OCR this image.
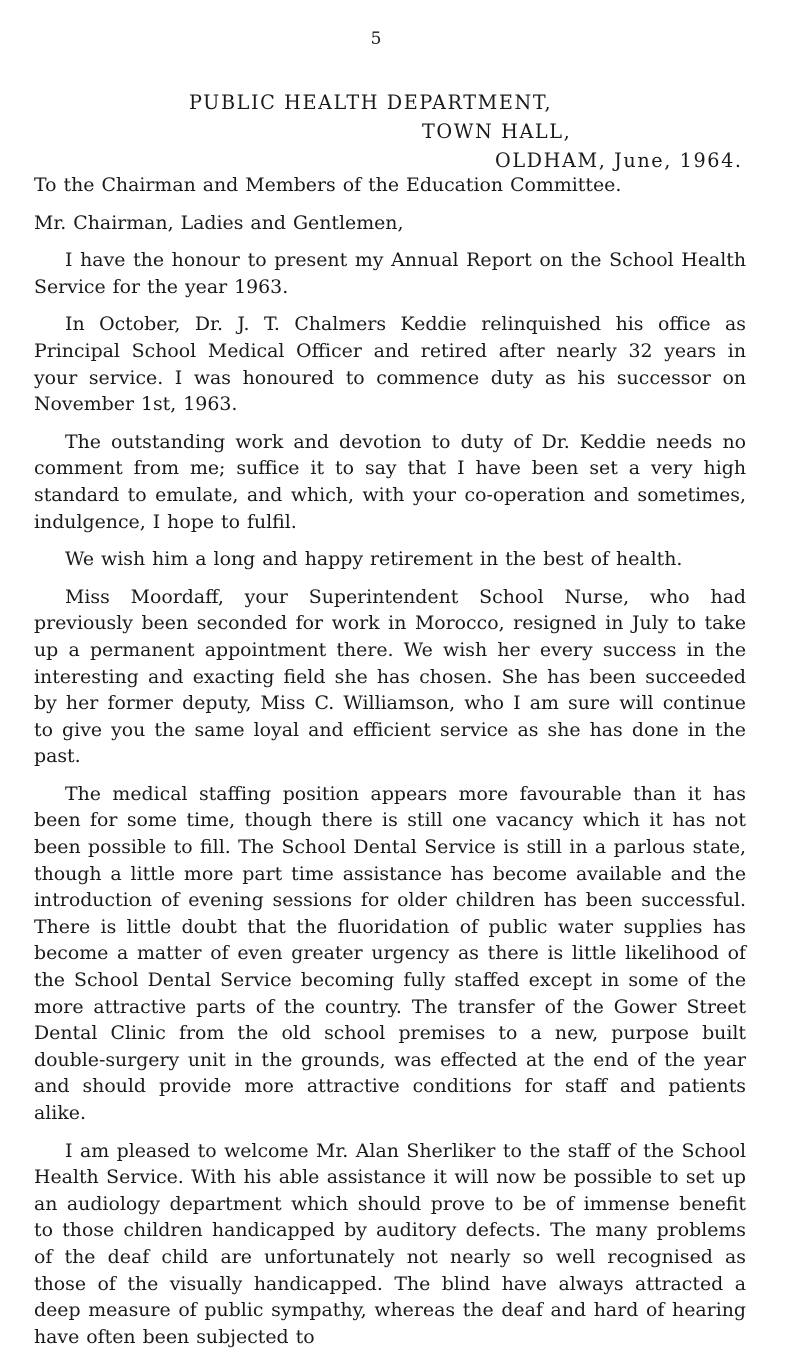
5
PUBLIC HEALTH DEPARTMENT,
TOWN HALL,
OLDHAM, June, 1964.

To the Chairman and Members of the Education Committee.

Mr. Chairman, Ladies and Gentlemen,

I have the honour to present my Annual Report on the School Health Service for the year 1963.

In October, Dr. J. T. Chalmers Keddie relinquished his office as Principal School Medical Officer and retired after nearly 32 years in your service. I was honoured to commence duty as his successor on November 1st, 1963.

The outstanding work and devotion to duty of Dr. Keddie needs no comment from me; suffice it to say that I have been set a very high standard to emulate, and which, with your co-operation and sometimes, indulgence, I hope to fulfil.

We wish him a long and happy retirement in the best of health.

Miss Moordaff, your Superintendent School Nurse, who had previously been seconded for work in Morocco, resigned in July to take up a permanent appointment there. We wish her every success in the interesting and exacting field she has chosen. She has been succeeded by her former deputy, Miss C. Williamson, who I am sure will continue to give you the same loyal and efficient service as she has done in the past.

The medical staffing position appears more favourable than it has been for some time, though there is still one vacancy which it has not been possible to fill. The School Dental Service is still in a parlous state, though a little more part time assistance has become available and the introduction of evening sessions for older children has been successful. There is little doubt that the fluoridation of public water supplies has become a matter of even greater urgency as there is little likelihood of the School Dental Service becoming fully staffed except in some of the more attractive parts of the country. The transfer of the Gower Street Dental Clinic from the old school premises to a new, purpose built double-surgery unit in the grounds, was effected at the end of the year and should provide more attractive conditions for staff and patients alike.

I am pleased to welcome Mr. Alan Sherliker to the staff of the School Health Service. With his able assistance it will now be possible to set up an audiology department which should prove to be of immense benefit to those children handicapped by auditory defects. The many problems of the deaf child are unfortunately not nearly so well recognised as those of the visually handicapped. The blind have always attracted a deep measure of public sympathy, whereas the deaf and hard of hearing have often been subjected to
